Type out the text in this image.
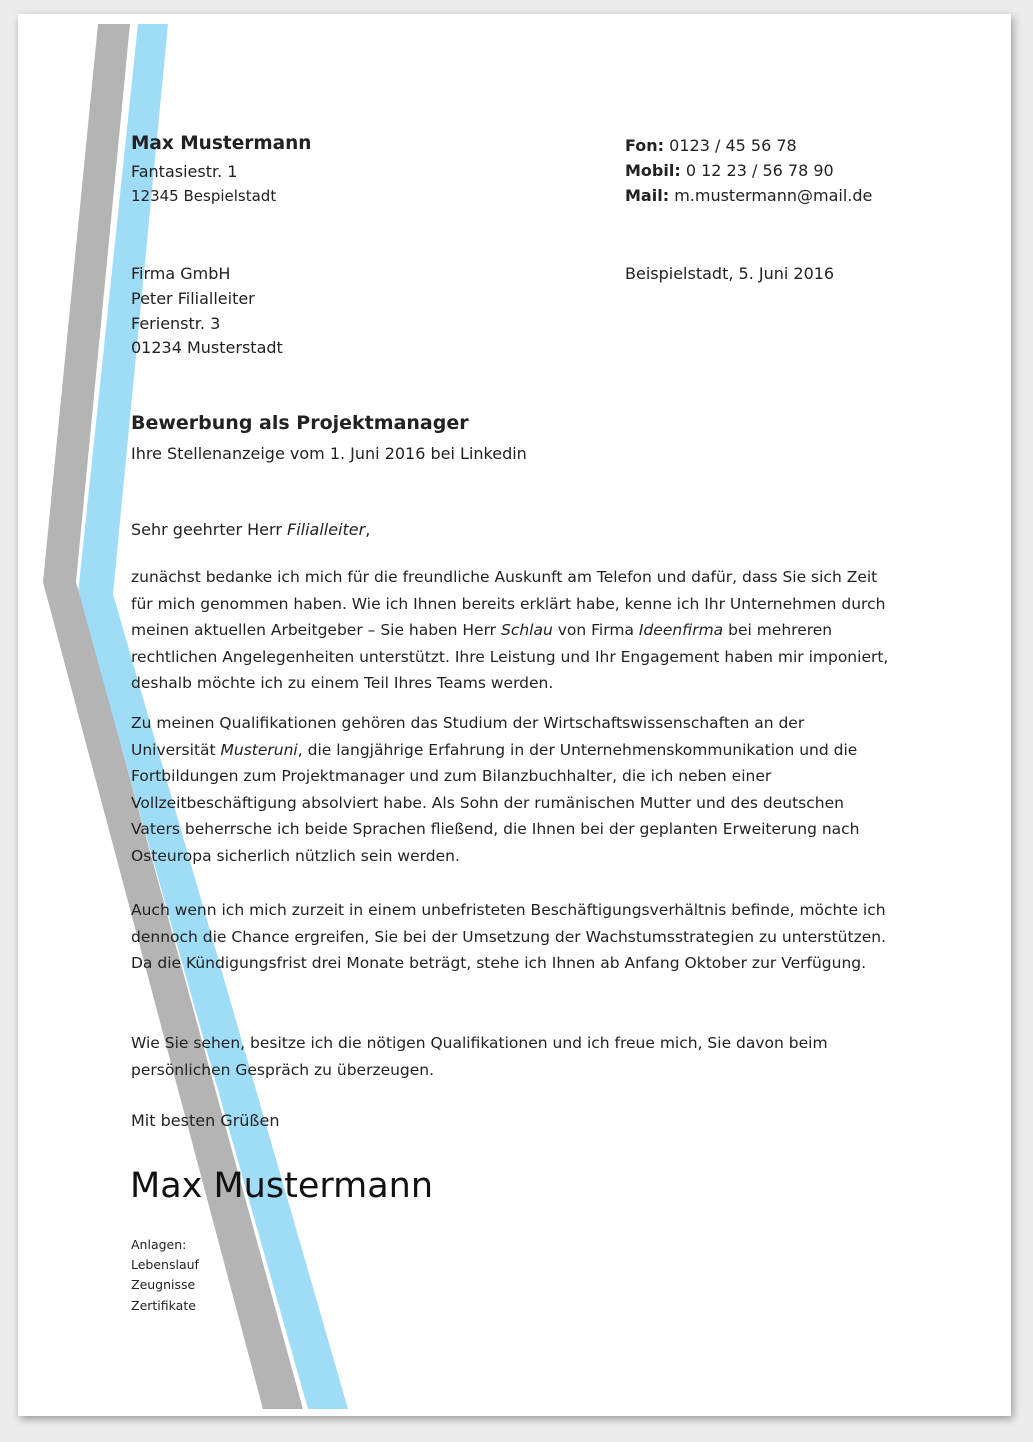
Max Mustermann

Fantasiestr. 1

12345 Bespielstadt

Fon: 0123 / 45 56 78

Mobil: 0 12 23 / 56 78 90

Mail: m.mustermann@mail.de

Firma GmbH

Peter Filialleiter

Ferienstr. 3

01234 Musterstadt

Beispielstadt, 5. Juni 2016

Bewerbung als Projektmanager

Ihre Stellenanzeige vom 1. Juni 2016 bei Linkedin

Sehr geehrter Herr Filialleiter,

zunächst bedanke ich mich für die freundliche Auskunft am Telefon und dafür, dass Sie sich Zeit für mich genommen haben. Wie ich Ihnen bereits erklärt habe, kenne ich Ihr Unternehmen durch meinen aktuellen Arbeitgeber – Sie haben Herr Schlau von Firma Ideenfirma bei mehreren rechtlichen Angelegenheiten unterstützt. Ihre Leistung und Ihr Engagement haben mir imponiert, deshalb möchte ich zu einem Teil Ihres Teams werden.

Zu meinen Qualifikationen gehören das Studium der Wirtschaftswissenschaften an der Universität Musteruni, die langjährige Erfahrung in der Unternehmenskommunikation und die Fortbildungen zum Projektmanager und zum Bilanzbuchhalter, die ich neben einer Vollzeitbeschäftigung absolviert habe. Als Sohn der rumänischen Mutter und des deutschen Vaters beherrsche ich beide Sprachen fließend, die Ihnen bei der geplanten Erweiterung nach Osteuropa sicherlich nützlich sein werden.

Auch wenn ich mich zurzeit in einem unbefristeten Beschäftigungsverhältnis befinde, möchte ich dennoch die Chance ergreifen, Sie bei der Umsetzung der Wachstumsstrategien zu unterstützen. Da die Kündigungsfrist drei Monate beträgt, stehe ich Ihnen ab Anfang Oktober zur Verfügung.

Wie Sie sehen, besitze ich die nötigen Qualifikationen und ich freue mich, Sie davon beim persönlichen Gespräch zu überzeugen.

Mit besten Grüßen

Max Mustermann

Anlagen:

Lebenslauf

Zeugnisse

Zertifikate
